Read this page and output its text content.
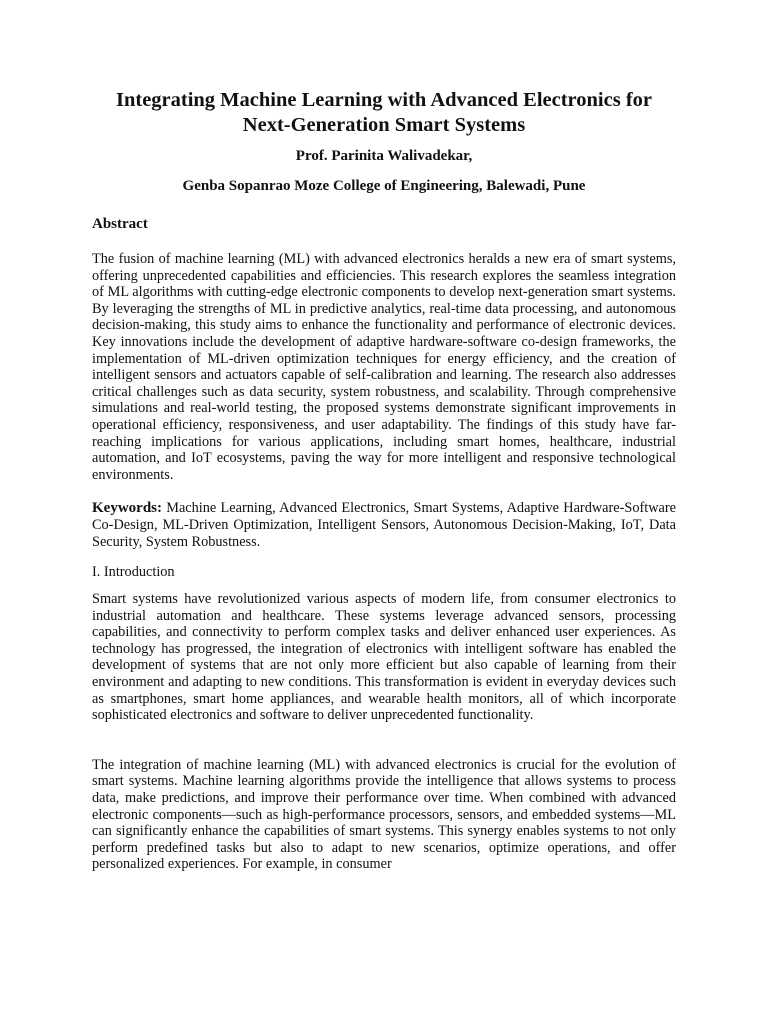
Integrating Machine Learning with Advanced Electronics for
Next-Generation Smart Systems

Prof. Parinita Walivadekar,

Genba Sopanrao Moze College of Engineering, Balewadi, Pune

Abstract

The fusion of machine learning (ML) with advanced electronics heralds a new era of smart systems, offering unprecedented capabilities and efficiencies. This research explores the seamless integration of ML algorithms with cutting-edge electronic components to develop next-generation smart systems. By leveraging the strengths of ML in predictive analytics, real-time data processing, and autonomous decision-making, this study aims to enhance the functionality and performance of electronic devices. Key innovations include the development of adaptive hardware-software co-design frameworks, the implementation of ML-driven optimization techniques for energy efficiency, and the creation of intelligent sensors and actuators capable of self-calibration and learning. The research also addresses critical challenges such as data security, system robustness, and scalability. Through comprehensive simulations and real-world testing, the proposed systems demonstrate significant improvements in operational efficiency, responsiveness, and user adaptability. The findings of this study have far-reaching implications for various applications, including smart homes, healthcare, industrial automation, and IoT ecosystems, paving the way for more intelligent and responsive technological environments.

Keywords: Machine Learning, Advanced Electronics, Smart Systems, Adaptive Hardware-Software Co-Design, ML-Driven Optimization, Intelligent Sensors, Autonomous Decision-Making, IoT, Data Security, System Robustness.

I. Introduction

Smart systems have revolutionized various aspects of modern life, from consumer electronics to industrial automation and healthcare. These systems leverage advanced sensors, processing capabilities, and connectivity to perform complex tasks and deliver enhanced user experiences. As technology has progressed, the integration of electronics with intelligent software has enabled the development of systems that are not only more efficient but also capable of learning from their environment and adapting to new conditions. This transformation is evident in everyday devices such as smartphones, smart home appliances, and wearable health monitors, all of which incorporate sophisticated electronics and software to deliver unprecedented functionality.

The integration of machine learning (ML) with advanced electronics is crucial for the evolution of smart systems. Machine learning algorithms provide the intelligence that allows systems to process data, make predictions, and improve their performance over time. When combined with advanced electronic components—such as high-performance processors, sensors, and embedded systems—ML can significantly enhance the capabilities of smart systems. This synergy enables systems to not only perform predefined tasks but also to adapt to new scenarios, optimize operations, and offer personalized experiences. For example, in consumer
